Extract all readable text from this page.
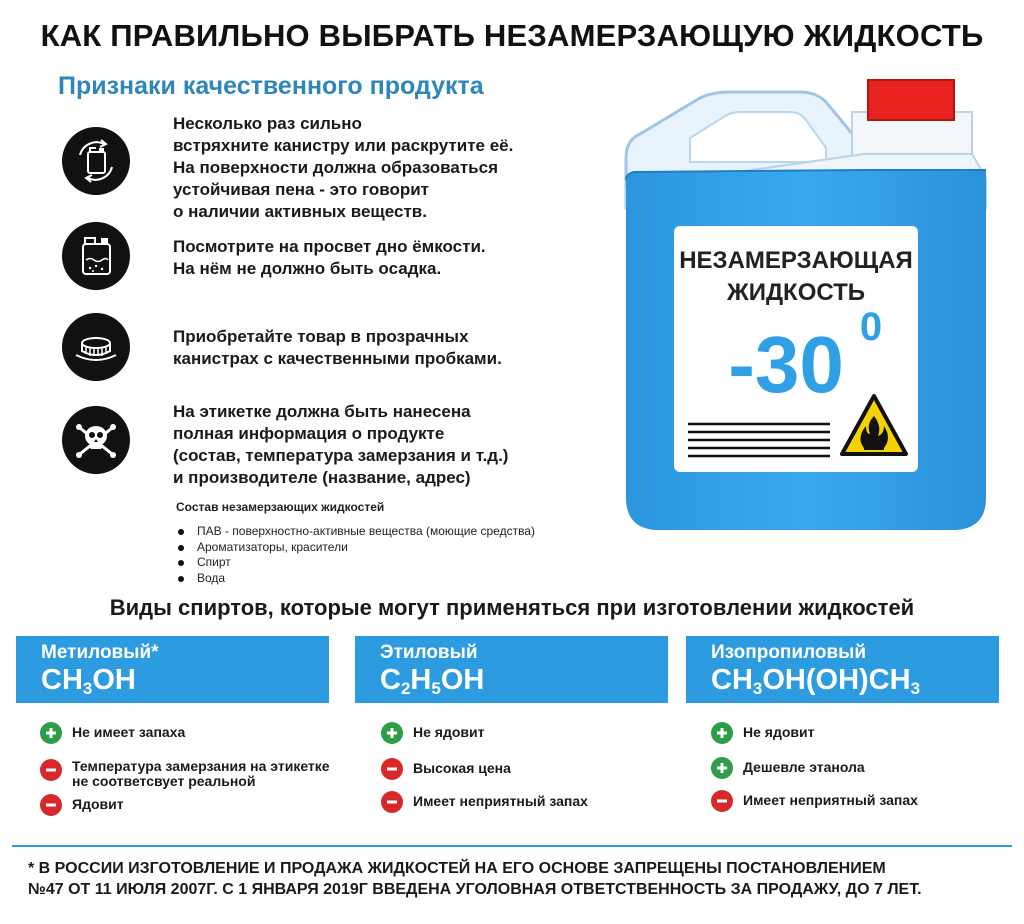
КАК ПРАВИЛЬНО ВЫБРАТЬ НЕЗАМЕРЗАЮЩУЮ ЖИДКОСТЬ
Признаки качественного продукта
Несколько раз сильно
встряхните канистру или раскрутите её.
На поверхности должна образоваться
устойчивая пена - это говорит
о наличии активных веществ.
Посмотрите на просвет дно ёмкости.
На нём не должно быть осадка.
Приобретайте товар в прозрачных
канистрах с качественными пробками.
На этикетке должна быть нанесена
полная информация о продукте
(состав, температура замерзания и т.д.)
и производителе (название, адрес)
Состав незамерзающих жидкостей
ПАВ - поверхностно-активные вещества (моющие средства)
Ароматизаторы, красители
Спирт
Вода
НЕЗАМЕРЗАЮЩАЯ
ЖИДКОСТЬ
-30 0
Виды спиртов, которые могут применяться при изготовлении жидкостей
Метиловый*
$CH_3OH$
Этиловый
$C_2H_5OH$
Изопропиловый
$CH_3OH(OH)CH_3$
Не имеет запаха
Температура замерзания на этикетке
не соответсвует реальной
Ядовит
Не ядовит
Высокая цена
Имеет неприятный запах
Не ядовит
Дешевле этанола
Имеет неприятный запах
* В РОССИИ ИЗГОТОВЛЕНИЕ И ПРОДАЖА ЖИДКОСТЕЙ НА ЕГО ОСНОВЕ ЗАПРЕЩЕНЫ ПОСТАНОВЛЕНИЕМ
№47 ОТ 11 ИЮЛЯ 2007Г. С 1 ЯНВАРЯ 2019Г ВВЕДЕНА УГОЛОВНАЯ ОТВЕТСТВЕННОСТЬ ЗА ПРОДАЖУ, ДО 7 ЛЕТ.
